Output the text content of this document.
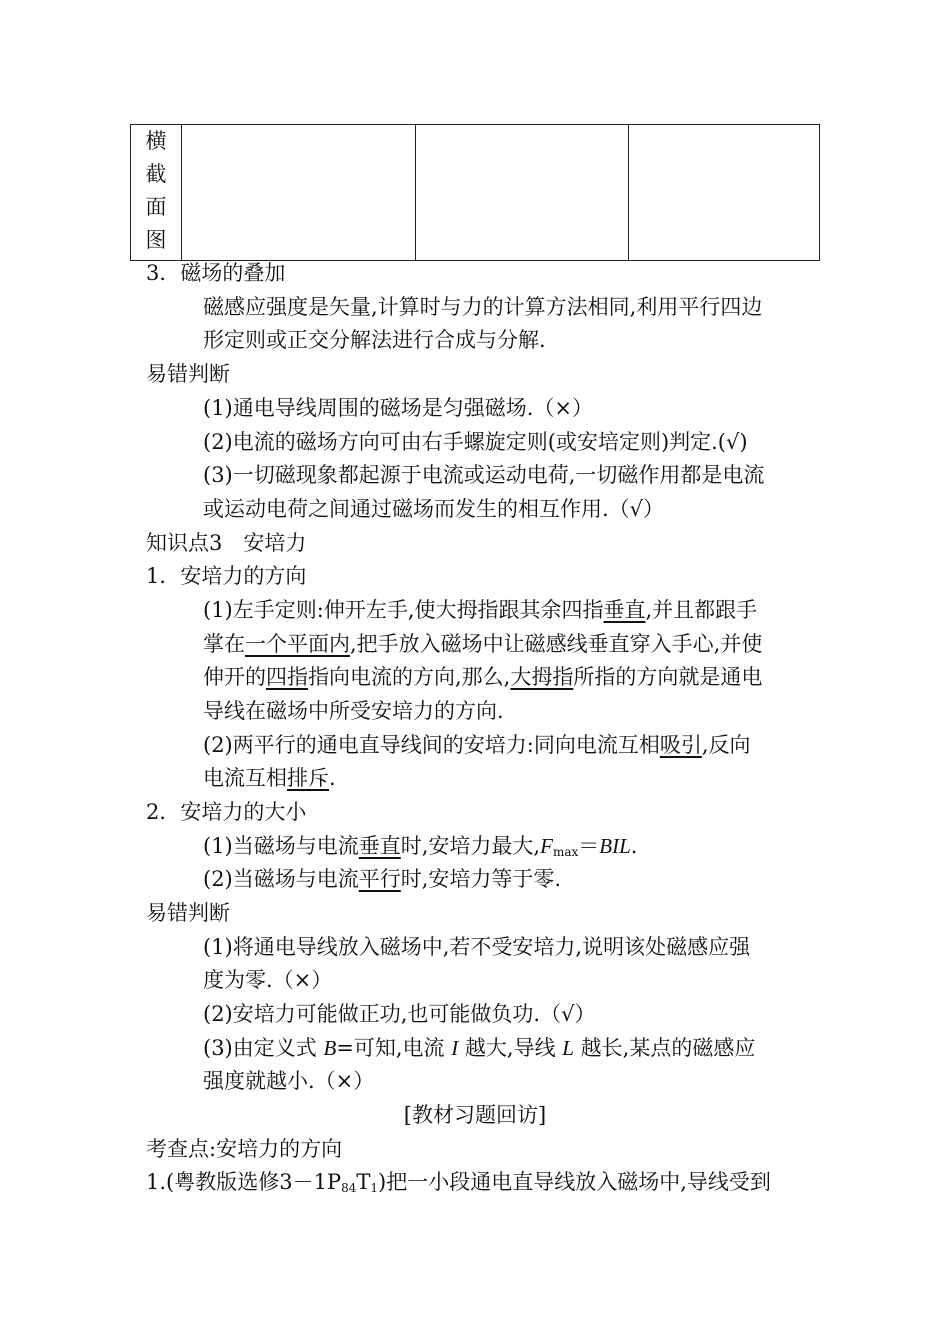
横
截
面
图

3．磁场的叠加
磁感应强度是矢量,计算时与力的计算方法相同,利用平行四边
形定则或正交分解法进行合成与分解.
易错判断
(1)通电导线周围的磁场是匀强磁场.（×）
(2)电流的磁场方向可由右手螺旋定则(或安培定则)判定.(√)
(3)一切磁现象都起源于电流或运动电荷,一切磁作用都是电流
或运动电荷之间通过磁场而发生的相互作用.（√）
知识点3　安培力
1．安培力的方向
(1)左手定则:伸开左手,使大拇指跟其余四指垂直,并且都跟手
掌在一个平面内,把手放入磁场中让磁感线垂直穿入手心,并使
伸开的四指指向电流的方向,那么,大拇指所指的方向就是通电
导线在磁场中所受安培力的方向.
(2)两平行的通电直导线间的安培力:同向电流互相吸引,反向
电流互相排斥.
2．安培力的大小
(1)当磁场与电流垂直时,安培力最大$,F_{max}=BIL$.
(2)当磁场与电流平行时,安培力等于零.
易错判断
(1)将通电导线放入磁场中,若不受安培力,说明该处磁感应强
度为零.（×）
(2)安培力可能做正功,也可能做负功.（√）
(3)由定义式 B=可知,电流 I 越大,导线 L 越长,某点的磁感应
强度就越小.（×）
[教材习题回访]
考查点:安培力的方向
1.(粤教版选修$3-1P_{84}T_1$)把一小段通电直导线放入磁场中,导线受到
